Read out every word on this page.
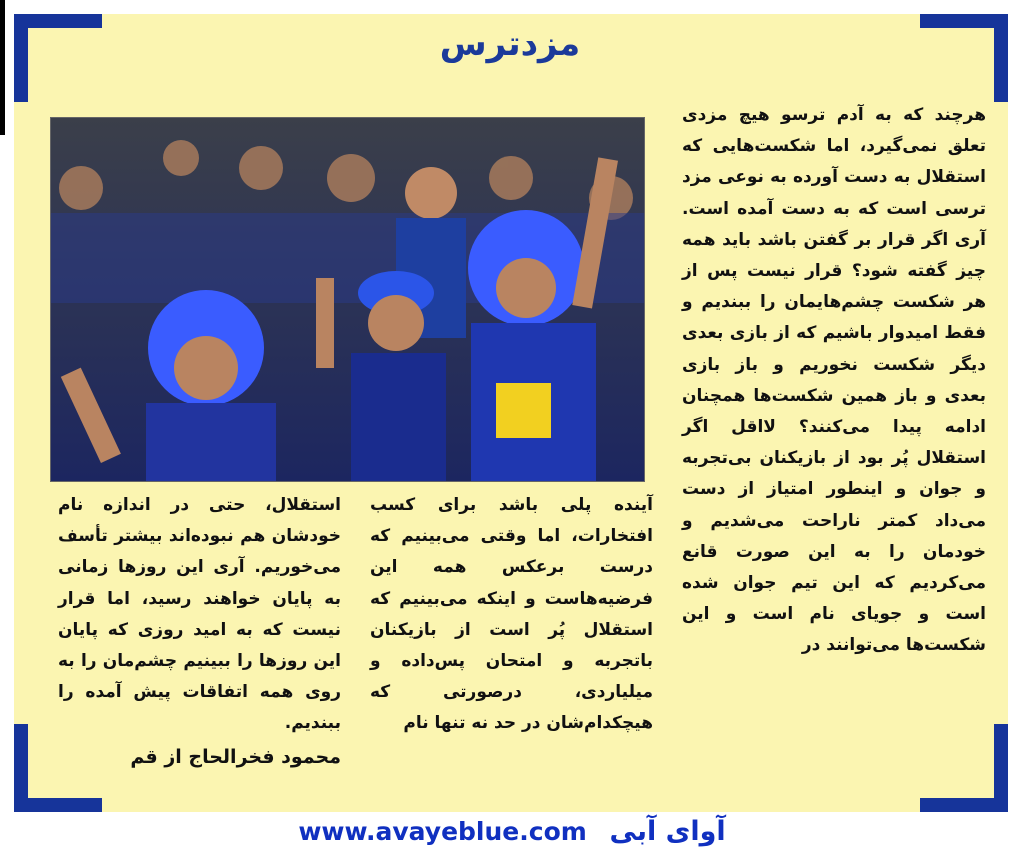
مزدترس

هرچند که به آدم ترسو هیچ مزدی تعلق نمی‌گیرد، اما شکست‌هایی که استقلال به دست آورده به نوعی مزد ترسی است که به دست آمده است. آری اگر قرار بر گفتن باشد باید همه چیز گفته شود؟ قرار نیست پس از هر شکست چشم‌هایمان را ببندیم و فقط امیدوار باشیم که از بازی بعدی دیگر شکست نخوریم و باز بازی بعدی و باز همین شکست‌ها همچنان ادامه پیدا می‌کنند؟ لااقل اگر استقلال پُر بود از بازیکنان بی‌تجربه و جوان و اینطور امتیاز از دست می‌داد کمتر ناراحت می‌شدیم و خودمان را به این صورت قانع می‌کردیم که این تیم جوان شده است و جویای نام است و این شکست‌ها می‌توانند در

آینده پلی باشد برای کسب افتخارات، اما وقتی می‌بینیم که درست برعکس همه این فرضیه‌هاست و اینکه می‌بینیم که استقلال پُر است از بازیکنان باتجربه و امتحان پس‌داده و میلیاردی، درصورتی که هیچکدام‌شان در حد نه تنها نام

استقلال، حتی در اندازه نام خودشان هم نبوده‌اند بیشتر تأسف می‌خوریم. آری این روزها زمانی به پایان خواهند رسید، اما قرار نیست که به امید روزی که پایان این روزها را ببینیم چشم‌مان را به روی همه اتفاقات پیش آمده را ببندیم.

محمود فخرالحاج از قم
www.avayeblue.com آوای آبی
